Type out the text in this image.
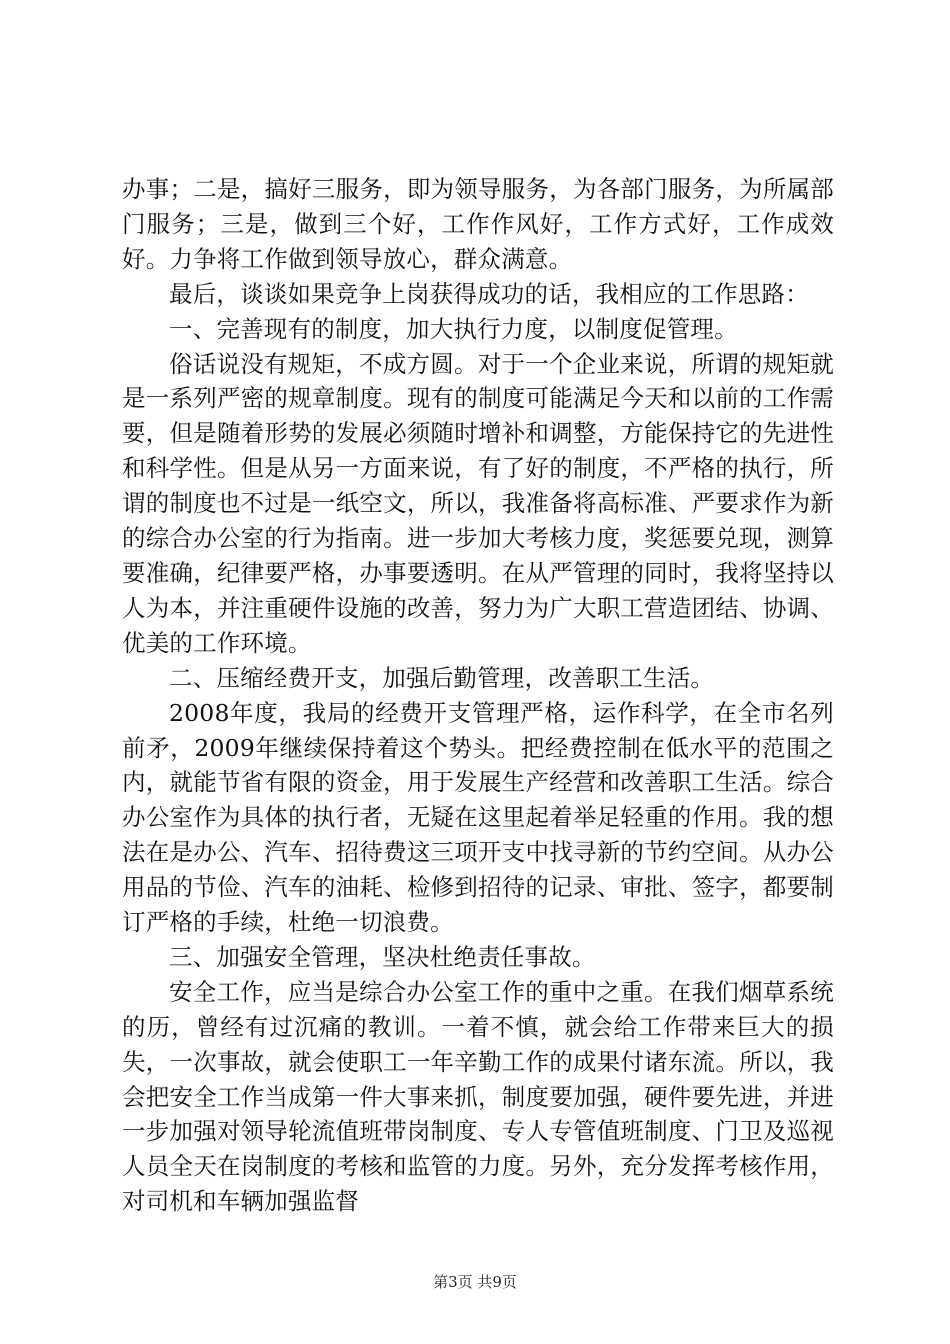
办事；二是，搞好三服务，即为领导服务，为各部门服务，为所属部门服务；三是，做到三个好，工作作风好，工作方式好，工作成效好。力争将工作做到领导放心，群众满意。

最后，谈谈如果竞争上岗获得成功的话，我相应的工作思路：

一、完善现有的制度，加大执行力度，以制度促管理。

俗话说没有规矩，不成方圆。对于一个企业来说，所谓的规矩就是一系列严密的规章制度。现有的制度可能满足今天和以前的工作需要，但是随着形势的发展必须随时增补和调整，方能保持它的先进性和科学性。但是从另一方面来说，有了好的制度，不严格的执行，所谓的制度也不过是一纸空文，所以，我准备将高标准、严要求作为新的综合办公室的行为指南。进一步加大考核力度，奖惩要兑现，测算要准确，纪律要严格，办事要透明。在从严管理的同时，我将坚持以人为本，并注重硬件设施的改善，努力为广大职工营造团结、协调、优美的工作环境。

二、压缩经费开支，加强后勤管理，改善职工生活。

2008年度，我局的经费开支管理严格，运作科学，在全市名列前矛，2009年继续保持着这个势头。把经费控制在低水平的范围之内，就能节省有限的资金，用于发展生产经营和改善职工生活。综合办公室作为具体的执行者，无疑在这里起着举足轻重的作用。我的想法在是办公、汽车、招待费这三项开支中找寻新的节约空间。从办公用品的节俭、汽车的油耗、检修到招待的记录、审批、签字，都要制订严格的手续，杜绝一切浪费。

三、加强安全管理，坚决杜绝责任事故。

安全工作，应当是综合办公室工作的重中之重。在我们烟草系统的历，曾经有过沉痛的教训。一着不慎，就会给工作带来巨大的损失，一次事故，就会使职工一年辛勤工作的成果付诸东流。所以，我会把安全工作当成第一件大事来抓，制度要加强，硬件要先进，并进一步加强对领导轮流值班带岗制度、专人专管值班制度、门卫及巡视人员全天在岗制度的考核和监管的力度。另外，充分发挥考核作用，对司机和车辆加强监督

第3页 共9页
